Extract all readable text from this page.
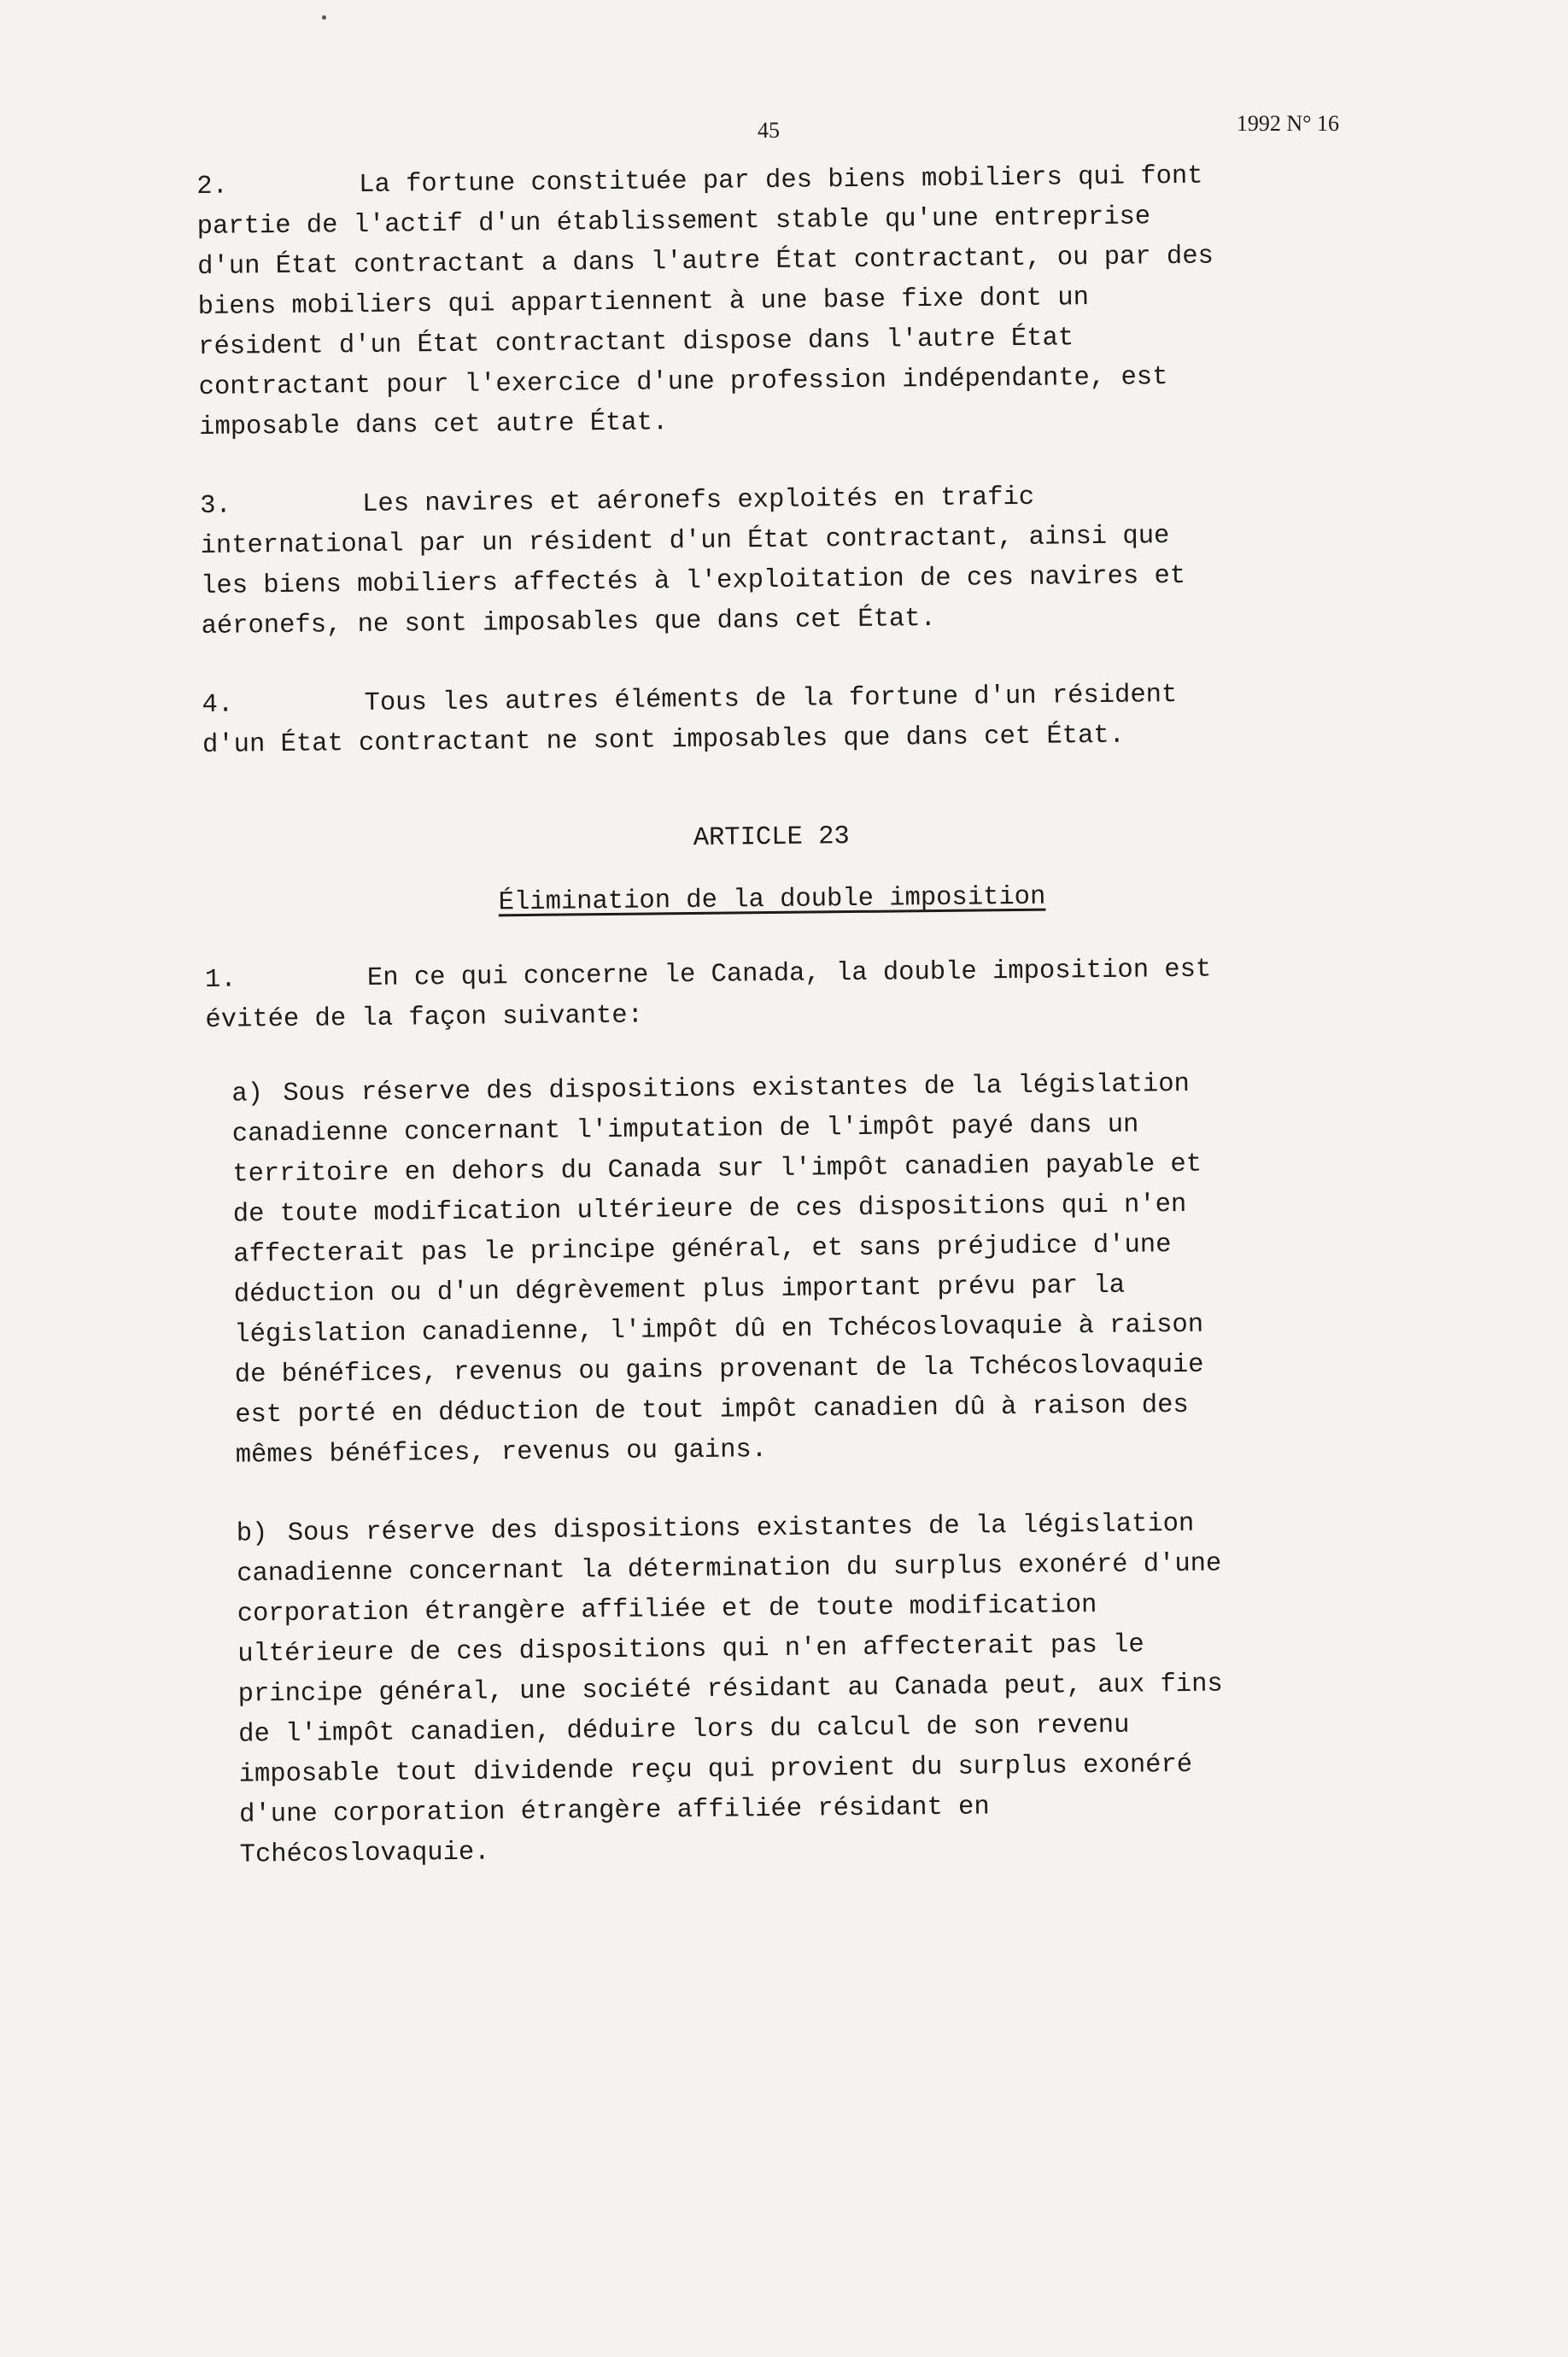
45	1992 N° 16
2.	La fortune constituée par des biens mobiliers qui font
partie de l'actif d'un établissement stable qu'une entreprise
d'un État contractant a dans l'autre État contractant, ou par des
biens mobiliers qui appartiennent à une base fixe dont un
résident d'un État contractant dispose dans l'autre État
contractant pour l'exercice d'une profession indépendante, est
imposable dans cet autre État.
3.	Les navires et aéronefs exploités en trafic
international par un résident d'un État contractant, ainsi que
les biens mobiliers affectés à l'exploitation de ces navires et
aéronefs, ne sont imposables que dans cet État.
4.	Tous les autres éléments de la fortune d'un résident
d'un État contractant ne sont imposables que dans cet État.
ARTICLE 23
Élimination de la double imposition
1.	En ce qui concerne le Canada, la double imposition est
évitée de la façon suivante:
a) Sous réserve des dispositions existantes de la législation
canadienne concernant l'imputation de l'impôt payé dans un
territoire en dehors du Canada sur l'impôt canadien payable et
de toute modification ultérieure de ces dispositions qui n'en
affecterait pas le principe général, et sans préjudice d'une
déduction ou d'un dégrèvement plus important prévu par la
législation canadienne, l'impôt dû en Tchécoslovaquie à raison
de bénéfices, revenus ou gains provenant de la Tchécoslovaquie
est porté en déduction de tout impôt canadien dû à raison des
mêmes bénéfices, revenus ou gains.
b) Sous réserve des dispositions existantes de la législation
canadienne concernant la détermination du surplus exonéré d'une
corporation étrangère affiliée et de toute modification
ultérieure de ces dispositions qui n'en affecterait pas le
principe général, une société résidant au Canada peut, aux fins
de l'impôt canadien, déduire lors du calcul de son revenu
imposable tout dividende reçu qui provient du surplus exonéré
d'une corporation étrangère affiliée résidant en
Tchécoslovaquie.
